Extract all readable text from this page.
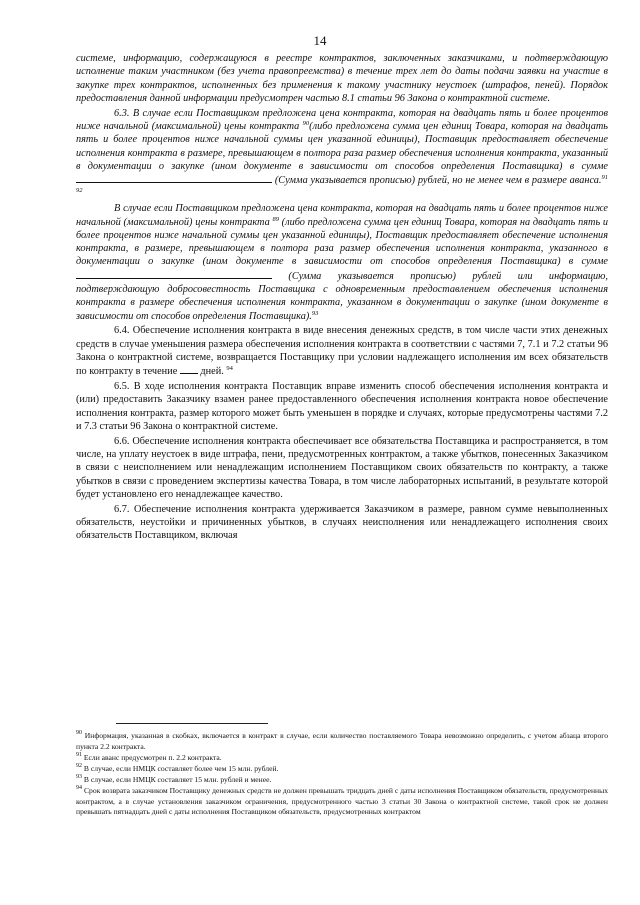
14

системе, информацию, содержащуюся в реестре контрактов, заключенных заказчиками, и подтверждающую исполнение таким участником (без учета правопреемства) в течение трех лет до даты подачи заявки на участие в закупке трех контрактов, исполненных без применения к такому участнику неустоек (штрафов, пеней). Порядок предоставления данной информации предусмотрен частью 8.1 статьи 96 Закона о контрактной системе.

6.3. В случае если Поставщиком предложена цена контракта, которая на двадцать пять и более процентов ниже начальной (максимальной) цены контракта $^{90}$(либо предложена сумма цен единиц Товара, которая на двадцать пять и более процентов ниже начальной суммы цен указанной единицы), Поставщик предоставляет обеспечение исполнения контракта в размере, превышающем в полтора раза размер обеспечения исполнения контракта, указанный в документации о закупке (ином документе в зависимости от способов определения Поставщика) в сумме (Сумма указывается прописью) рублей, но не менее чем в размере аванса.$^{91 92}$

В случае если Поставщиком предложена цена контракта, которая на двадцать пять и более процентов ниже начальной (максимальной) цены контракта $^{89}$ (либо предложена сумма цен единиц Товара, которая на двадцать пять и более процентов ниже начальной суммы цен указанной единицы), Поставщик предоставляет обеспечение исполнения контракта, в размере, превышающем в полтора раза размер обеспечения исполнения контракта, указанного в документации о закупке (ином документе в зависимости от способов определения Поставщика) в сумме (Сумма указывается прописью) рублей или информацию, подтверждающую добросовестность Поставщика с одновременным предоставлением обеспечения исполнения контракта в размере обеспечения исполнения контракта, указанном в документации о закупке (ином документе в зависимости от способов определения Поставщика).$^{93}$

6.4. Обеспечение исполнения контракта в виде внесения денежных средств, в том числе части этих денежных средств в случае уменьшения размера обеспечения исполнения контракта в соответствии с частями 7, 7.1 и 7.2 статьи 96 Закона о контрактной системе, возвращается Поставщику при условии надлежащего исполнения им всех обязательств по контракту в течение  дней. $^{94}$

6.5. В ходе исполнения контракта Поставщик вправе изменить способ обеспечения исполнения контракта и (или) предоставить Заказчику взамен ранее предоставленного обеспечения исполнения контракта новое обеспечение исполнения контракта, размер которого может быть уменьшен в порядке и случаях, которые предусмотрены частями 7.2 и 7.3 статьи 96 Закона о контрактной системе.

6.6. Обеспечение исполнения контракта обеспечивает все обязательства Поставщика и распространяется, в том числе, на уплату неустоек в виде штрафа, пени, предусмотренных контрактом, а также убытков, понесенных Заказчиком в связи с неисполнением или ненадлежащим исполнением Поставщиком своих обязательств по контракту, а также убытков в связи с проведением экспертизы качества Товара, в том числе лабораторных испытаний, в результате которой будет установлено его ненадлежащее качество.

6.7. Обеспечение исполнения контракта удерживается Заказчиком в размере, равном сумме невыполненных обязательств, неустойки и причиненных убытков, в случаях неисполнения или ненадлежащего исполнения своих обязательств Поставщиком, включая

$^{90}$ Информация, указанная в скобках, включается в контракт в случае, если количество поставляемого Товара невозможно определить, с учетом абзаца второго пункта 2.2 контракта.

$^{91}$ Если аванс предусмотрен п. 2.2 контракта.

$^{92}$ В случае, если НМЦК составляет более чем 15 млн. рублей.

$^{93}$ В случае, если НМЦК составляет 15 млн. рублей и менее.

$^{94}$ Срок возврата заказчиком Поставщику денежных средств не должен превышать тридцать дней с даты исполнения Поставщиком обязательств, предусмотренных контрактом, а в случае установления заказчиком ограничения, предусмотренного частью 3 статьи 30 Закона о контрактной системе, такой срок не должен превышать пятнадцать дней с даты исполнения Поставщиком обязательств, предусмотренных контрактом
